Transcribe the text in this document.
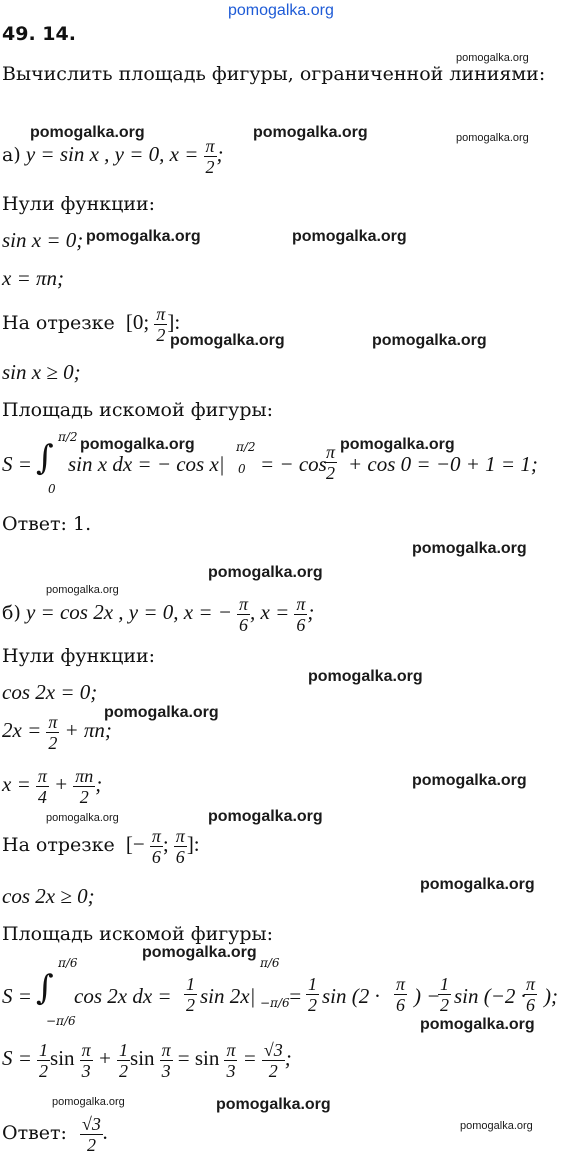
pomogalka.org
49. 14.
Вычислить площадь фигуры, ограниченной линиями:
pomogalka.org	pomogalka.org
pomogalka.org
pomogalka.org
а) y = sin x , y = 0, $x = \frac{\pi}{2}$ ;
Нули функции:
sin x = 0; pomogalka.org	pomogalka.org
x = πn;
На отрезке [0; $\frac{\pi}{2}$ ]:
pomogalka.org	pomogalka.org
sin x ≥ 0;
Площадь искомой фигуры:
S = ∫
π/2
0
sin x dx = − cos x|
π/2
0 = − cos
$\frac{\pi}{2} + \cos 0 = -0 + 1 = 1$;
pomogalka.org	pomogalka.org
Ответ: 1.
pomogalka.org
pomogalka.org
pomogalka.org
б) y = cos 2x , y = 0, x = − $\frac{\pi}{6}$ , $x = \frac{\pi}{6}$ ;
Нули функции:
pomogalka.org
cos 2x = 0;
pomogalka.org
$2x = \frac{\pi}{2} + \pi n$;
pomogalka.org
$x = \frac{\pi}{4} + \frac{\pi n}{2}$ ;
pomogalka.org	pomogalka.org
На отрезке [− $\frac{\pi}{6}$ ; $\frac{\pi}{6}$ ]:
pomogalka.org
cos 2x ≥ 0;
Площадь искомой фигуры:
pomogalka.org
S = ∫
π/6
−π/6
cos 2x dx = $\frac{1}{2}$ sin 2x|
π/6
−π/6
= $\frac{1}{2}$ $\sin (2 \cdot \frac{\pi}{6}$ ) −
$\frac{1}{2}$ sin (−2 ·
$\frac{\pi}{6}$ );
pomogalka.org
$S = \frac{1}{2}$ $\sin \frac{\pi}{3} + \frac{1}{2}$ $\sin \frac{\pi}{3} = \sin \frac{\pi}{3} = \frac{√3}{2}$ ;
pomogalka.org	pomogalka.org
Ответ: $\frac{√3}{2}$ .	pomogalka.org
